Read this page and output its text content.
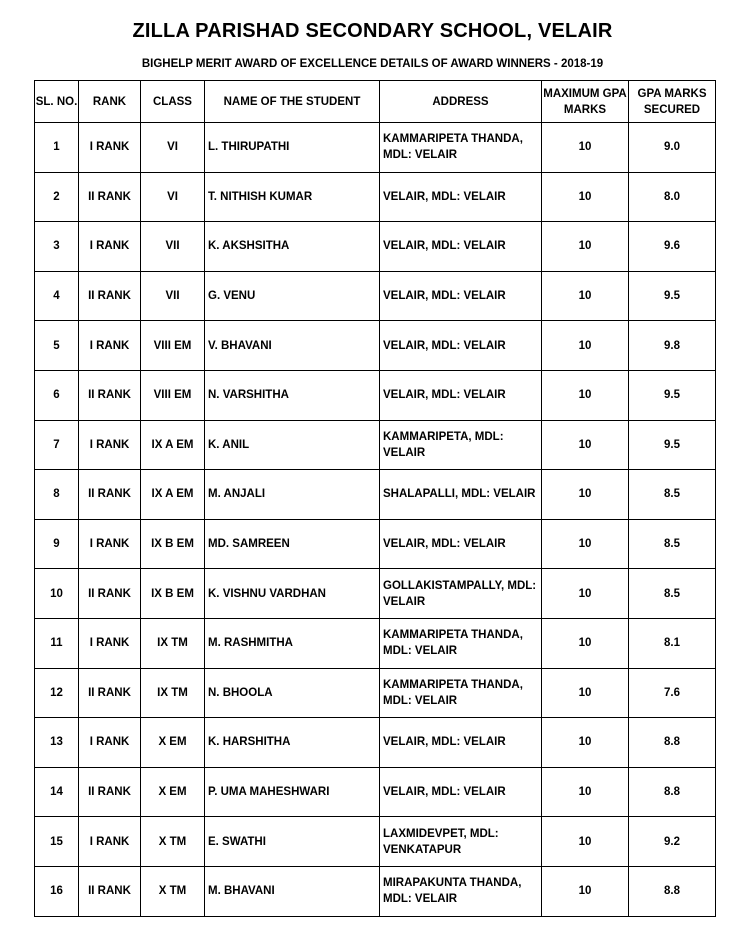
ZILLA PARISHAD SECONDARY SCHOOL, VELAIR
BIGHELP MERIT AWARD OF EXCELLENCE DETAILS OF AWARD WINNERS - 2018-19
SL. NO.	RANK	CLASS	NAME OF THE STUDENT	ADDRESS	MAXIMUM GPA MARKS	GPA MARKS SECURED
1	I RANK	VI	L. THIRUPATHI	KAMMARIPETA THANDA, MDL: VELAIR	10	9.0
2	II RANK	VI	T. NITHISH KUMAR	VELAIR, MDL: VELAIR	10	8.0
3	I RANK	VII	K. AKSHSITHA	VELAIR, MDL: VELAIR	10	9.6
4	II RANK	VII	G. VENU	VELAIR, MDL: VELAIR	10	9.5
5	I RANK	VIII EM	V. BHAVANI	VELAIR, MDL: VELAIR	10	9.8
6	II RANK	VIII EM	N. VARSHITHA	VELAIR, MDL: VELAIR	10	9.5
7	I RANK	IX A EM	K. ANIL	KAMMARIPETA, MDL: VELAIR	10	9.5
8	II RANK	IX A EM	M. ANJALI	SHALAPALLI, MDL: VELAIR	10	8.5
9	I RANK	IX B EM	MD. SAMREEN	VELAIR, MDL: VELAIR	10	8.5
10	II RANK	IX B EM	K. VISHNU VARDHAN	GOLLAKISTAMPALLY, MDL: VELAIR	10	8.5
11	I RANK	IX TM	M. RASHMITHA	KAMMARIPETA THANDA, MDL: VELAIR	10	8.1
12	II RANK	IX TM	N. BHOOLA	KAMMARIPETA THANDA, MDL: VELAIR	10	7.6
13	I RANK	X EM	K. HARSHITHA	VELAIR, MDL: VELAIR	10	8.8
14	II RANK	X EM	P. UMA MAHESHWARI	VELAIR, MDL: VELAIR	10	8.8
15	I RANK	X TM	E. SWATHI	LAXMIDEVPET, MDL: VENKATAPUR	10	9.2
16	II RANK	X TM	M. BHAVANI	MIRAPAKUNTA THANDA, MDL: VELAIR	10	8.8
